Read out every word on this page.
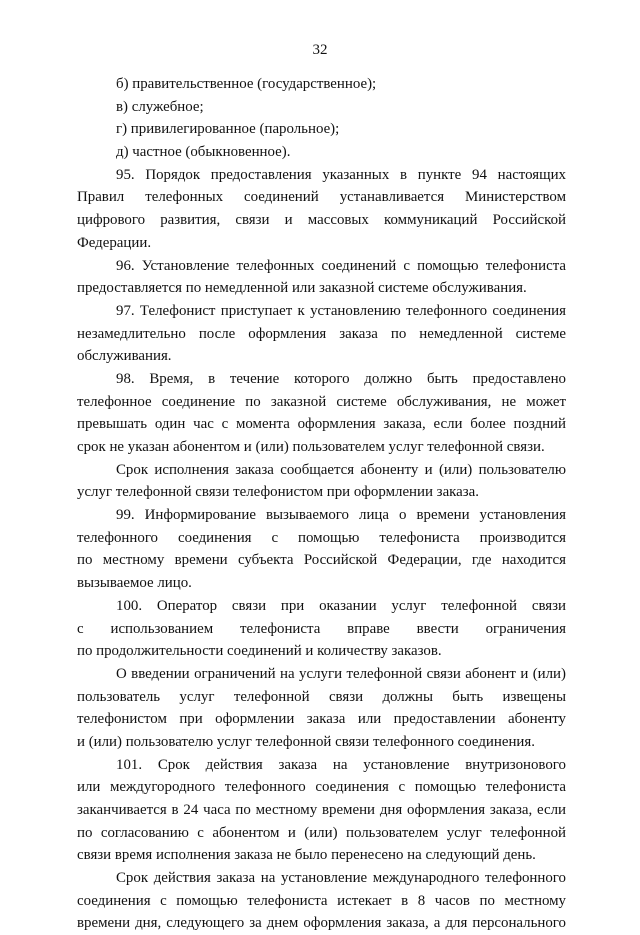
32
б) правительственное (государственное);
в) служебное;
г) привилегированное (парольное);
д) частное (обыкновенное).
95. Порядок предоставления указанных в пункте 94 настоящих
Правил телефонных соединений устанавливается Министерством
цифрового развития, связи и массовых коммуникаций Российской
Федерации.
96. Установление телефонных соединений с помощью телефониста
предоставляется по немедленной или заказной системе обслуживания.
97. Телефонист приступает к установлению телефонного соединения
незамедлительно после оформления заказа по немедленной системе
обслуживания.
98. Время, в течение которого должно быть предоставлено
телефонное соединение по заказной системе обслуживания, не может
превышать один час с момента оформления заказа, если более поздний
срок не указан абонентом и (или) пользователем услуг телефонной связи.
Срок исполнения заказа сообщается абоненту и (или) пользователю
услуг телефонной связи телефонистом при оформлении заказа.
99. Информирование вызываемого лица о времени установления
телефонного соединения с помощью телефониста производится
по местному времени субъекта Российской Федерации, где находится
вызываемое лицо.
100. Оператор связи при оказании услуг телефонной связи
с использованием телефониста вправе ввести ограничения
по продолжительности соединений и количеству заказов.
О введении ограничений на услуги телефонной связи абонент и (или)
пользователь услуг телефонной связи должны быть извещены
телефонистом при оформлении заказа или предоставлении абоненту
и (или) пользователю услуг телефонной связи телефонного соединения.
101. Срок действия заказа на установление внутризонового
или междугородного телефонного соединения с помощью телефониста
заканчивается в 24 часа по местному времени дня оформления заказа, если
по согласованию с абонентом и (или) пользователем услуг телефонной
связи время исполнения заказа не было перенесено на следующий день.
Срок действия заказа на установление международного телефонного
соединения с помощью телефониста истекает в 8 часов по местному
времени дня, следующего за днем оформления заказа, а для персонального
